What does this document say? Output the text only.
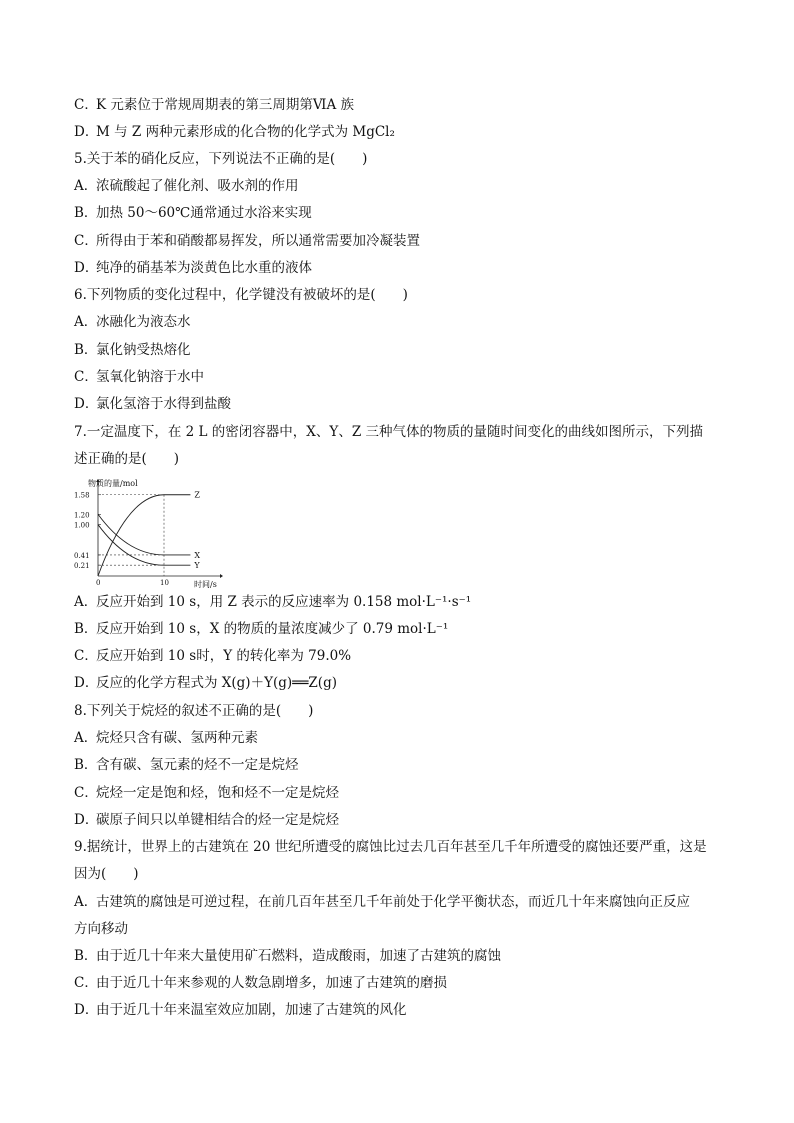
C．K 元素位于常规周期表的第三周期第ⅥA 族
D．M 与 Z 两种元素形成的化合物的化学式为 MgCl₂
5.关于苯的硝化反应，下列说法不正确的是(　　)
A．浓硫酸起了催化剂、吸水剂的作用
B．加热 50～60℃通常通过水浴来实现
C．所得由于苯和硝酸都易挥发，所以通常需要加冷凝装置
D．纯净的硝基苯为淡黄色比水重的液体
6.下列物质的变化过程中，化学键没有被破坏的是(　　)
A．冰融化为液态水
B．氯化钠受热熔化
C．氢氧化钠溶于水中
D．氯化氢溶于水得到盐酸
7.一定温度下，在 2 L 的密闭容器中，X、Y、Z 三种气体的物质的量随时间变化的曲线如图所示，下列描
述正确的是(　　)
物质的量/mol
时间/s
1.58
1.20
1.00
0.41
0.21
0	10
Z
X
Y
A．反应开始到 10 s，用 Z 表示的反应速率为 0.158 mol·L⁻¹·s⁻¹
B．反应开始到 10 s，X 的物质的量浓度减少了 0.79 mol·L⁻¹
C．反应开始到 10 s时，Y 的转化率为 79.0%
D．反应的化学方程式为 X(g)＋Y(g)══Z(g)
8.下列关于烷烃的叙述不正确的是(　　)
A．烷烃只含有碳、氢两种元素
B．含有碳、氢元素的烃不一定是烷烃
C．烷烃一定是饱和烃，饱和烃不一定是烷烃
D．碳原子间只以单键相结合的烃一定是烷烃
9.据统计，世界上的古建筑在 20 世纪所遭受的腐蚀比过去几百年甚至几千年所遭受的腐蚀还要严重，这是
因为(　　)
A．古建筑的腐蚀是可逆过程，在前几百年甚至几千年前处于化学平衡状态，而近几十年来腐蚀向正反应
方向移动
B．由于近几十年来大量使用矿石燃料，造成酸雨，加速了古建筑的腐蚀
C．由于近几十年来参观的人数急剧增多，加速了古建筑的磨损
D．由于近几十年来温室效应加剧，加速了古建筑的风化
